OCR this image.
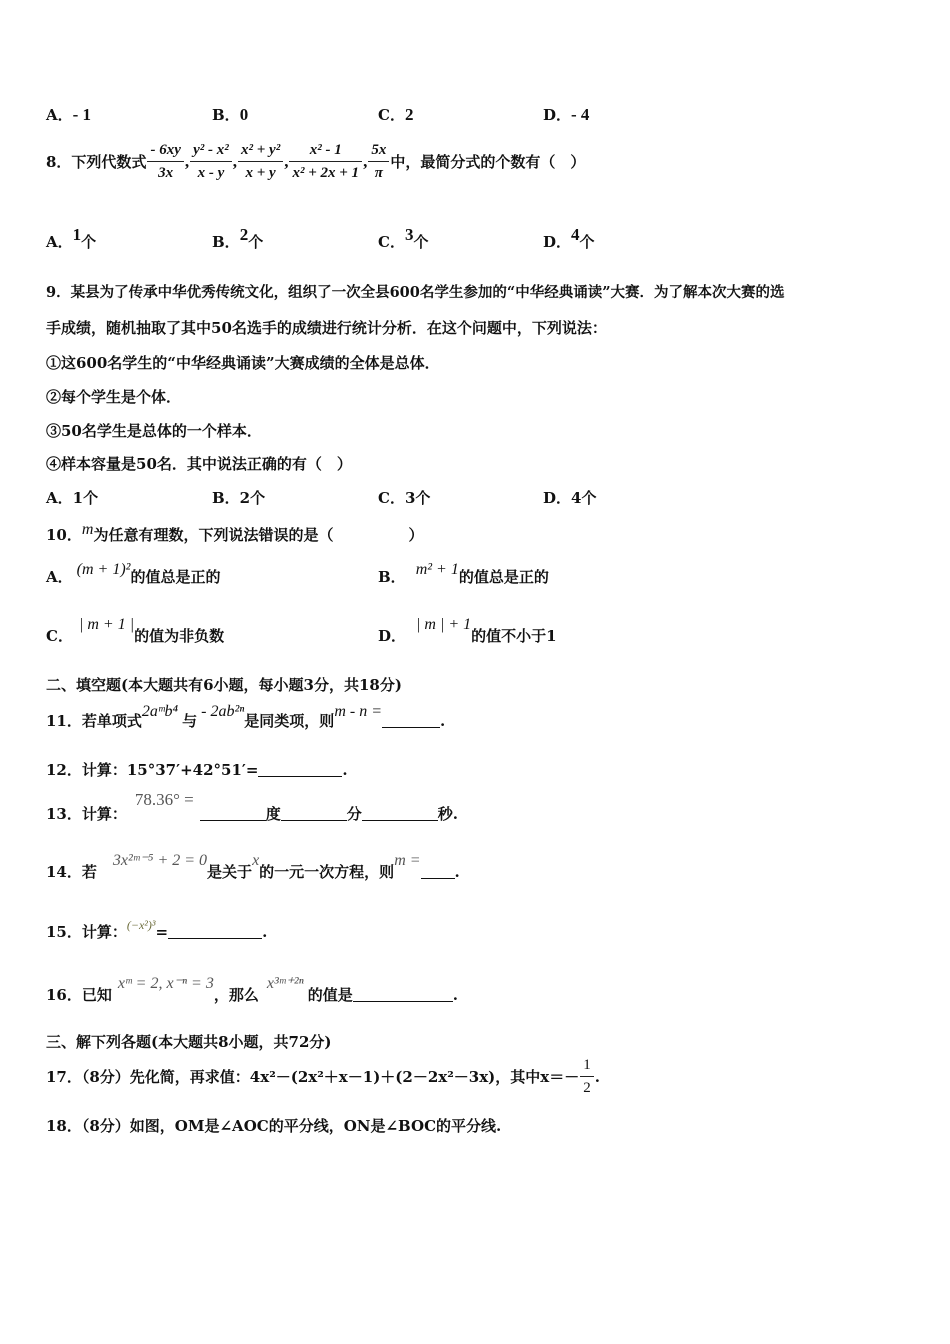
A．- 1	B．0	C．2	D．- 4
8．下列代数式 $\frac{- 6xy}{3x}$ , $\frac{\text{y² - x²}}{x - y}$ , $\frac{\text{x² + y²}}{x + y}$ , $\frac{\text{x² - 1}}{\text{x² + 2x + 1}}$ , $\frac{5x}{\pi}$ 中，最简分式的个数有（　）
A．1个	B．2个	C．3个	D．4个
9．某县为了传承中华优秀传统文化，组织了一次全县600名学生参加的“中华经典诵读”大赛．为了解本次大赛的选
手成绩，随机抽取了其中50名选手的成绩进行统计分析．在这个问题中，下列说法：
①这600名学生的“中华经典诵读”大赛成绩的全体是总体．
②每个学生是个体．
③50名学生是总体的一个样本．
④样本容量是50名．其中说法正确的有（　）
A．1个	B．2个	C．3个	D．4个
10．m为任意有理数，下列说法错误的是（　　　　　）
A． (m + 1)²的值总是正的	B． m² + 1的值总是正的
C．| m + 1 |的值为非负数	D．| m | + 1的值不小于1
二、填空题(本大题共有6小题，每小题3分，共18分)
11．若单项式2aᵐb⁴与- 2ab²ⁿ是同类项，则m - n =.
12．计算：15°37′+42°51′=	.
13．计算：78.36° =度	分	秒.
14．若3x²ᵐ⁻⁵ + 2 = 0是关于x的一元一次方程，则m =.
15．计算：(−x²)³=	.
16．已知xᵐ = 2, x⁻ⁿ = 3，那么x³ᵐ⁺²ⁿ的值是	.
三、解下列各题(本大题共8小题，共72分)
17．（8分）先化简，再求值：4x²－(2x²＋x－1)＋(2－2x²－3x)，其中$x=- \frac{1}{2}$ .
18．（8分）如图，OM是∠AOC的平分线，ON是∠BOC的平分线.
